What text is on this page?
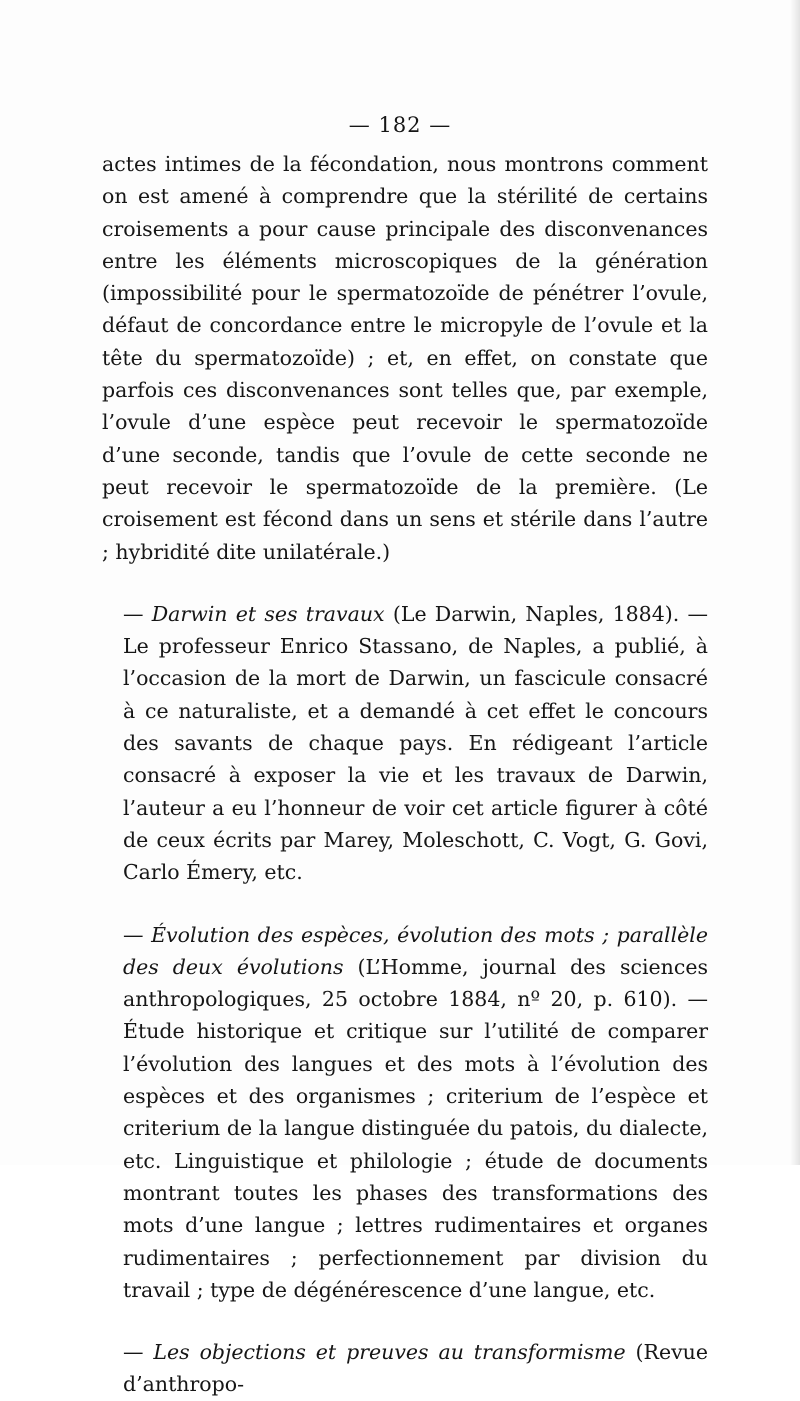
— 182 —

actes intimes de la fécondation, nous montrons comment on est amené à comprendre que la stérilité de certains croisements a pour cause principale des disconvenances entre les éléments microscopiques de la génération (impossibilité pour le spermatozoïde de pénétrer l’ovule, défaut de concordance entre le micropyle de l’ovule et la tête du spermatozoïde) ; et, en effet, on constate que parfois ces disconvenances sont telles que, par exemple, l’ovule d’une espèce peut recevoir le spermatozoïde d’une seconde, tandis que l’ovule de cette seconde ne peut recevoir le spermatozoïde de la première. (Le croisement est fécond dans un sens et stérile dans l’autre ; hybridité dite unilatérale.)

— Darwin et ses travaux (Le Darwin, Naples, 1884). — Le professeur Enrico Stassano, de Naples, a publié, à l’occasion de la mort de Darwin, un fascicule consacré à ce naturaliste, et a demandé à cet effet le concours des savants de chaque pays. En rédigeant l’article consacré à exposer la vie et les travaux de Darwin, l’auteur a eu l’honneur de voir cet article figurer à côté de ceux écrits par Marey, Moleschott, C. Vogt, G. Govi, Carlo Émery, etc.

— Évolution des espèces, évolution des mots ; parallèle des deux évolutions (L’Homme, journal des sciences anthropologiques, 25 octobre 1884, nº 20, p. 610). — Étude historique et critique sur l’utilité de comparer l’évolution des langues et des mots à l’évolution des espèces et des organismes ; criterium de l’espèce et criterium de la langue distinguée du patois, du dialecte, etc. Linguistique et philologie ; étude de documents montrant toutes les phases des transformations des mots d’une langue ; lettres rudimentaires et organes rudimentaires ; perfectionnement par division du travail ; type de dégénérescence d’une langue, etc.

— Les objections et preuves au transformisme (Revue d’anthropo-
